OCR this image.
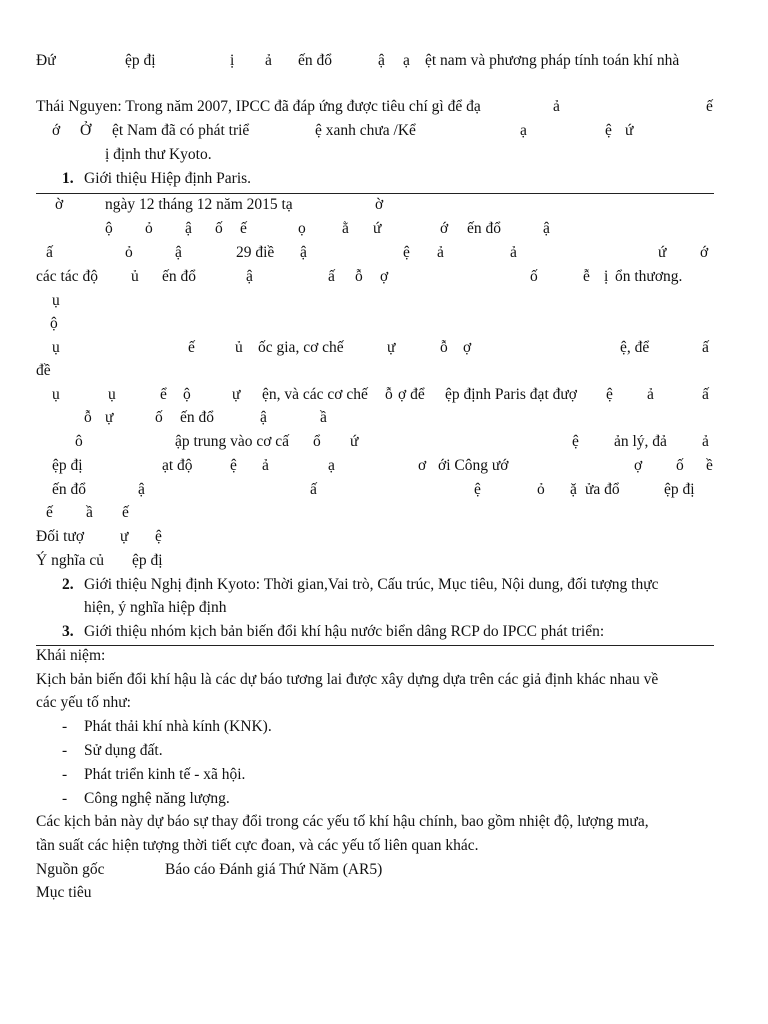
Đứ	ệp đị	ị ả ến đổ	ậ ạ ệt nam và phương pháp tính toán khí nhà
Thái Nguyen: Trong năm 2007, IPCC đã đáp ứng được tiêu chí gì để đạ	ả	ế
ớ Ở ệt Nam đã có phát triể	ệ xanh chưa /Kể	ạ	ệ ứ
ị định thư Kyoto.
1. Giới thiệu Hiệp định Paris.
ờ	ngày 12 tháng 12 năm 2015 tạ	ờ
ộ ỏ ậ ố ế	ọ ằ ứ	ớ ến đổ	ậ
ấ	ỏ	ậ	29 điề ậ	ệ ả	ả	ứ ớ
các tác độ ủ ến đổ	ậ	ấ ỗ ợ	ố	ễ ị ổn thương.
ụ
ộ
ụ	ế	ủ ốc gia, cơ chế	ự	ỗ ợ	ệ, để	ấ
đề
ụ	ụ	ể ộ	ự ện, và các cơ chế ỗ ợ để ệp định Paris đạt đượ ệ ả	ấ
ỗ ự	ố ến đổ	ậ	ầ
ô	ập trung vào cơ cấ ổ ứ	ệ ản lý, đả ả
ệp đị	ạt độ ệ ả	ạ	ơ ới Công ướ	ợ ố ề
ến đổ	ậ	ấ	ệ	ỏ ặ ửa đổ	ệp đị
ế ầ ế
Đối tượ ự ệ
Ý nghĩa củ ệp đị
2. Giới thiệu Nghị định Kyoto: Thời gian,Vai trò, Cấu trúc, Mục tiêu, Nội dung, đối tượng thực
hiện, ý nghĩa hiệp định
3. Giới thiệu nhóm kịch bản biến đổi khí hậu nước biển dâng RCP do IPCC phát triển:
Khái niệm:
Kịch bản biến đổi khí hậu là các dự báo tương lai được xây dựng dựa trên các giả định khác nhau về
các yếu tố như:
- Phát thải khí nhà kính (KNK).
- Sử dụng đất.
- Phát triển kinh tế - xã hội.
- Công nghệ năng lượng.
Các kịch bản này dự báo sự thay đổi trong các yếu tố khí hậu chính, bao gồm nhiệt độ, lượng mưa,
tần suất các hiện tượng thời tiết cực đoan, và các yếu tố liên quan khác.
Nguồn gốc	Báo cáo Đánh giá Thứ Năm (AR5)
Mục tiêu
